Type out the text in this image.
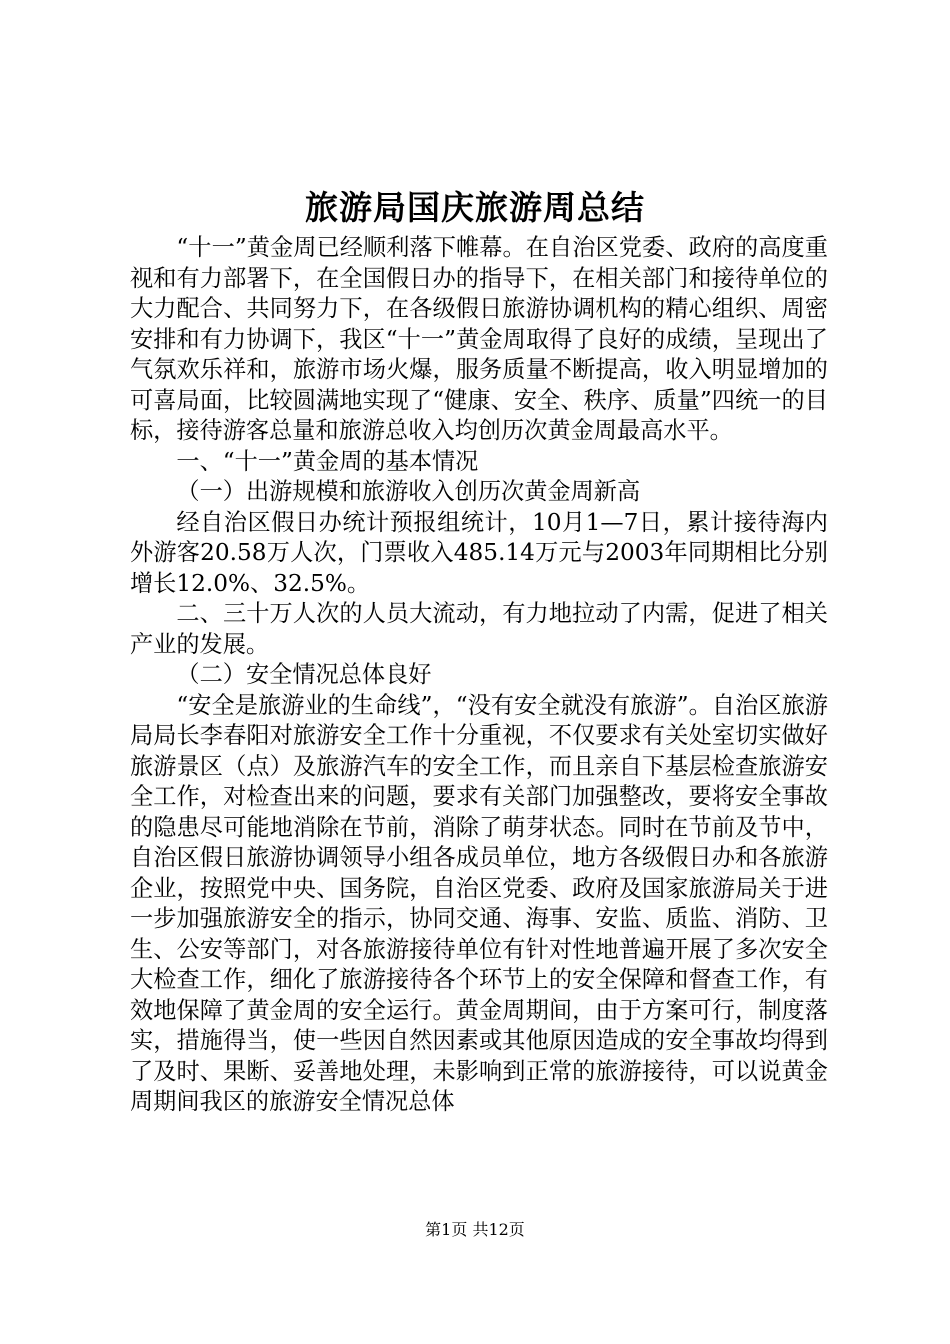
旅游局国庆旅游周总结

“十一”黄金周已经顺利落下帷幕。在自治区党委、政府的高度重视和有力部署下，在全国假日办的指导下，在相关部门和接待单位的大力配合、共同努力下，在各级假日旅游协调机构的精心组织、周密安排和有力协调下，我区“十一”黄金周取得了良好的成绩，呈现出了气氛欢乐祥和，旅游市场火爆，服务质量不断提高，收入明显增加的可喜局面，比较圆满地实现了“健康、安全、秩序、质量”四统一的目标，接待游客总量和旅游总收入均创历次黄金周最高水平。

一、“十一”黄金周的基本情况

（一）出游规模和旅游收入创历次黄金周新高

经自治区假日办统计预报组统计，10月1—7日，累计接待海内外游客20.58万人次，门票收入485.14万元与2003年同期相比分别增长12.0%、32.5%。

二、三十万人次的人员大流动，有力地拉动了内需，促进了相关产业的发展。

（二）安全情况总体良好

“安全是旅游业的生命线”，“没有安全就没有旅游”。自治区旅游局局长李春阳对旅游安全工作十分重视，不仅要求有关处室切实做好旅游景区（点）及旅游汽车的安全工作，而且亲自下基层检查旅游安全工作，对检查出来的问题，要求有关部门加强整改，要将安全事故的隐患尽可能地消除在节前，消除了萌芽状态。同时在节前及节中，自治区假日旅游协调领导小组各成员单位，地方各级假日办和各旅游企业，按照党中央、国务院，自治区党委、政府及国家旅游局关于进一步加强旅游安全的指示，协同交通、海事、安监、质监、消防、卫生、公安等部门，对各旅游接待单位有针对性地普遍开展了多次安全大检查工作，细化了旅游接待各个环节上的安全保障和督查工作，有效地保障了黄金周的安全运行。黄金周期间，由于方案可行，制度落实，措施得当，使一些因自然因素或其他原因造成的安全事故均得到了及时、果断、妥善地处理，未影响到正常的旅游接待，可以说黄金周期间我区的旅游安全情况总体

第1页 共12页
